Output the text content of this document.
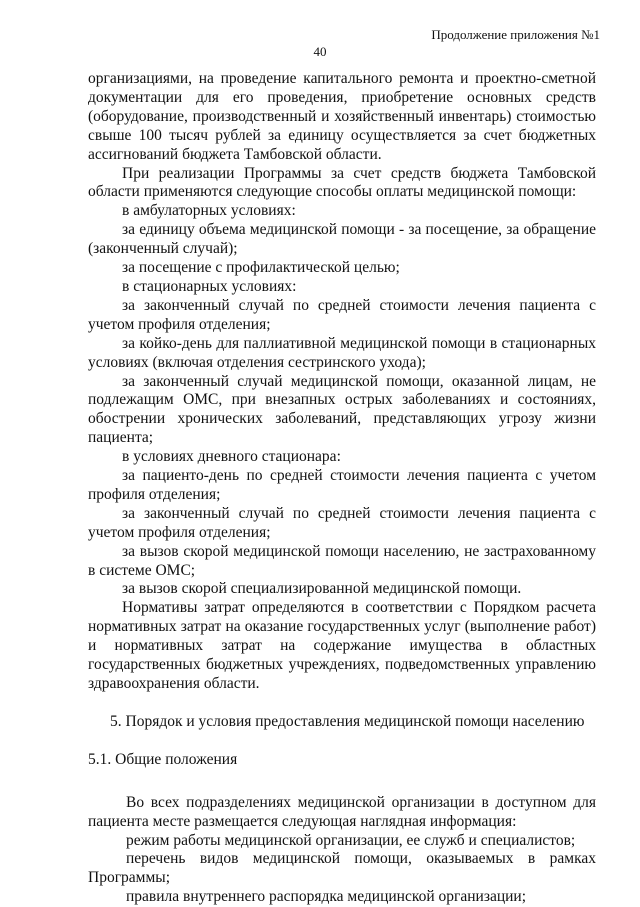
Продолжение приложения №1
40

организациями, на проведение капитального ремонта и проектно-сметной документации для его проведения, приобретение основных средств (оборудование, производственный и хозяйственный инвентарь) стоимостью свыше 100 тысяч рублей за единицу осуществляется за счет бюджетных ассигнований бюджета Тамбовской области.

При реализации Программы за счет средств бюджета Тамбовской области применяются следующие способы оплаты медицинской помощи:

в амбулаторных условиях:

за единицу объема медицинской помощи - за посещение, за обращение (законченный случай);

за посещение с профилактической целью;

в стационарных условиях:

за законченный случай по средней стоимости лечения пациента с учетом профиля отделения;

за койко-день для паллиативной медицинской помощи в стационарных условиях (включая отделения сестринского ухода);

за законченный случай медицинской помощи, оказанной лицам, не подлежащим ОМС, при внезапных острых заболеваниях и состояниях, обострении хронических заболеваний, представляющих угрозу жизни пациента;

в условиях дневного стационара:

за пациенто-день по средней стоимости лечения пациента с учетом профиля отделения;

за законченный случай по средней стоимости лечения пациента с учетом профиля отделения;

за вызов скорой медицинской помощи населению, не застрахованному в системе ОМС;

за вызов скорой специализированной медицинской помощи.

Нормативы затрат определяются в соответствии с Порядком расчета нормативных затрат на оказание государственных услуг (выполнение работ) и нормативных затрат на содержание имущества в областных государственных бюджетных учреждениях, подведомственных управлению здравоохранения области.

5. Порядок и условия предоставления медицинской помощи населению

5.1. Общие положения

Во всех подразделениях медицинской организации в доступном для пациента месте размещается следующая наглядная информация:

режим работы медицинской организации, ее служб и специалистов;

перечень видов медицинской помощи, оказываемых в рамках Программы;

правила внутреннего распорядка медицинской организации;
